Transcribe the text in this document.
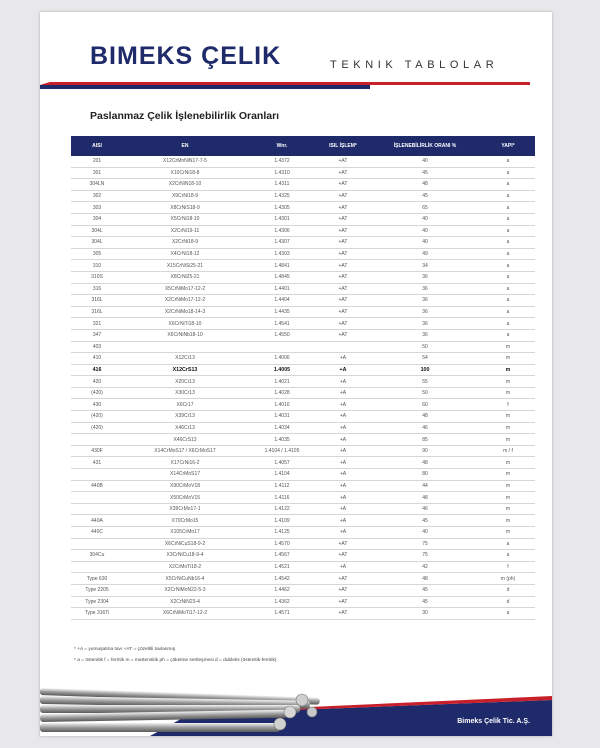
BIMEKS ÇELIK	TEKNIK TABLOLAR
Paslanmaz Çelik İşlenebilirlik Oranları
AISI	EN	Wnr.	ISIL İŞLEM*	İŞLENEBİLİRLİK ORANI %	YAPI*
201	X12CrMnNiN17-7-5	1.4372	+AT	40	a
301	X10CrNi18-8	1.4310	+AT	45	a
304LN	X2CrNiN18-10	1.4311	+AT	48	a
302	X9CrNi18-9	1.4325	+AT	45	a
303	X8CrNiS18-9	1.4305	+AT	65	a
304	X5CrNi18-10	1.4301	+AT	40	a
304L	X2CrNi19-11	1.4306	+AT	40	a
304L	X2CrNi18-9	1.4307	+AT	40	a
305	X4CrNi18-12	1.4303	+AT	49	a
310	X15CrNiSi25-21	1.4841	+AT	34	a
310S	X8CrNi25-21	1.4845	+AT	36	a
316	X5CrNiMo17-12-2	1.4401	+AT	36	a
316L	X2CrNiMo17-12-2	1.4404	+AT	36	a
316L	X2CrNiMo18-14-3	1.4435	+AT	36	a
321	X6CrNiTi18-10	1.4541	+AT	36	a
347	X6CrNiNb18-10	1.4550	+AT	36	a
403				50	m
410	X12Cr13	1.4006	+A	54	m
416	X12CrS13	1.4005	+A	100	m
420	X20Cr13	1.4021	+A	55	m
(420)	X30Cr13	1.4028	+A	50	m
430	X6Cr17	1.4016	+A	60	f
(420)	X39Cr13	1.4031	+A	48	m
(420)	X46Cr13	1.4034	+A	46	m
	X46CrS13	1.4035	+A	85	m
430F	X14CrMoS17 / X6CrMoS17	1.4104 / 1.4105	+A	90	m / f
431	X17CrNi16-2	1.4057	+A	48	m
	X14CrMoS17	1.4104	+A	80	m
440B	X90CrMoV18	1.4112	+A	44	m
	X50CrMoV15	1.4116	+A	48	m
	X39CrMo17-1	1.4122	+A	46	m
440A	X70CrMo15	1.4109	+A	45	m
440C	X105CrMo17	1.4125	+A	40	m
	X6CrNiCuS18-9-2	1.4570	+AT	75	a
304Cu	X3CrNiCu18-9-4	1.4567	+AT	75	a
	X2CrMoTi18-2	1.4521	+A	42	f
Type 630	X5CrNiCuNb16-4	1.4542	+AT	48	m (ph)
Type 2205	X2CrNiMoN22-5-3	1.4462	+AT	45	d
Type 2304	X2CrNiN23-4	1.4362	+AT	45	d
Type 316Ti	X6CrNiMoTi17-12-2	1.4571	+AT	30	a
* +A = yumuşatma tavı +AT = çözeltili tavlanmış
* a = östenitik f = ferritik m = martensitik ph = çökelme sertleşmesi d = dubleks (östenitik-ferritik)
Bimeks Çelik Tic. A.Ş.
